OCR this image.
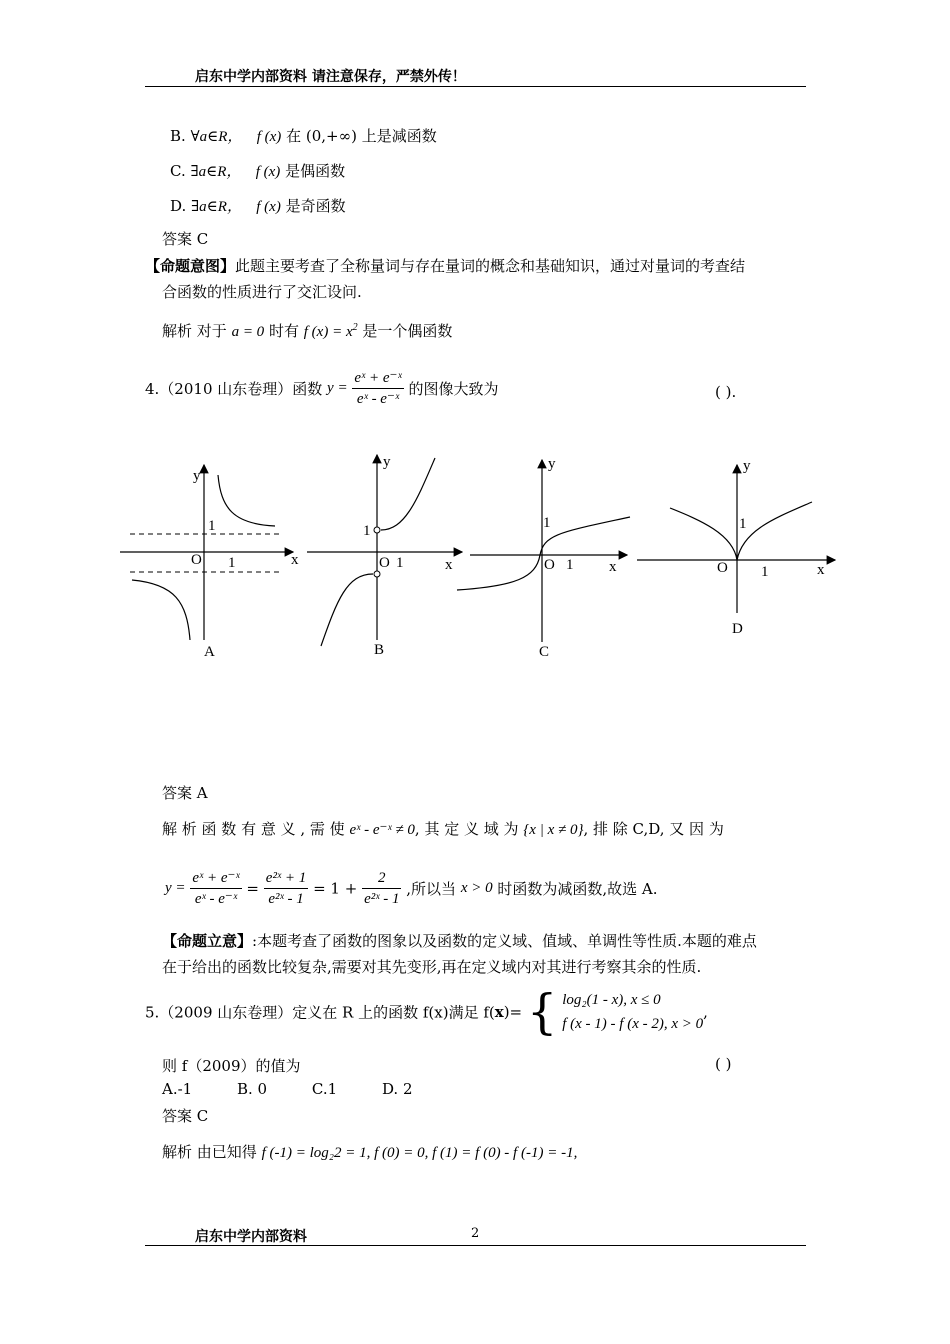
启东中学内部资料 请注意保存，严禁外传！
B. ∀a∈R， f (x) 在 (0,+∞) 上是减函数
C. ∃a∈R， f (x) 是偶函数
D. ∃a∈R， f (x) 是奇函数
答案 C
【命题意图】此题主要考查了全称量词与存在量词的概念和基础知识，通过对量词的考查结
合函数的性质进行了交汇设问.
解析 对于 a = 0 时有 f $(x) = x^2$ 是一个偶函数
4.（2010 山东卷理）函数 $y = \frac{\text{eˣ + e⁻ˣ}}{\text{eˣ - e⁻ˣ}}$ 的图像大致为	( ).
y
x
O
1
1
A
y
x
O
1
1
B
y
x
O
1
1
C
y
x
O
1
1
D
答案 A
解 析 函 数 有 意 义 , 需 使 eˣ - e⁻ˣ ≠ 0, 其 定 义 域 为 {x | x ≠ 0}, 排 除 C,D, 又 因 为
$y = \frac{\text{eˣ + e⁻ˣ}}{\text{eˣ - e⁻ˣ}} = \frac{\text{e²ˣ + 1}}{\text{e²ˣ - 1}} = 1 + \frac{2}{\text{e²ˣ - 1}}$ ,所以当 x > 0 时函数为减函数,故选 A.
【命题立意】:本题考查了函数的图象以及函数的定义域、值域、单调性等性质.本题的难点
在于给出的函数比较复杂,需要对其先变形,再在定义域内对其进行考察其余的性质.
5.（2009 山东卷理）定义在 R 上的函数 f(x)满足 f(x)= { log₂(1 - x), x ≤ 0
f (x - 1) - f (x - 2), x > 0
,
则 f（2009）的值为	( )
A.-1	B. 0	C.1	D. 2
答案 C
解析 由已知得 f (-1) = log₂2 = 1, f (0) = 0, f (1) = f (0) - f (-1) = -1,
启东中学内部资料	2
